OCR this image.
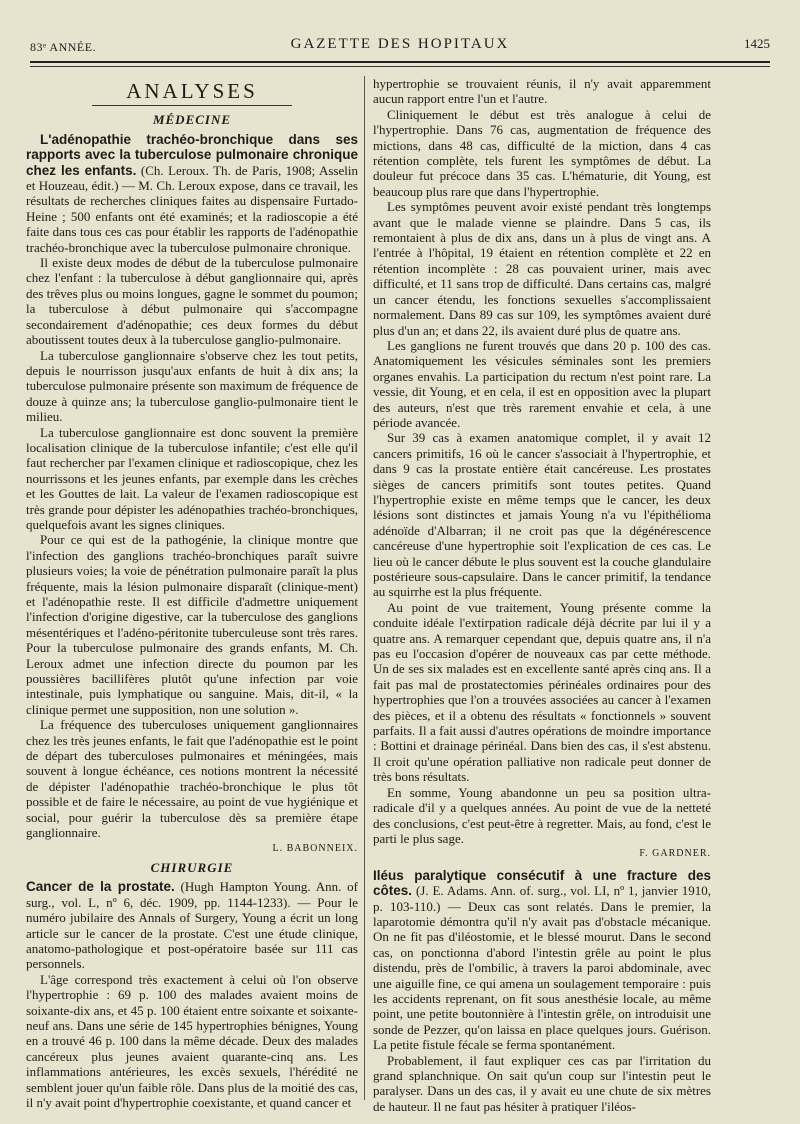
83ᵉ ANNÉE.	GAZETTE DES HOPITAUX	1425
ANALYSES
MÉDECINE

L'adénopathie trachéo-bronchique dans ses rapports avec la tuberculose pulmonaire chronique chez les enfants. (Ch. Leroux. Th. de Paris, 1908; Asselin et Houzeau, édit.) — M. Ch. Leroux expose, dans ce travail, les résultats de recherches cliniques faites au dispensaire Furtado-Heine ; 500 enfants ont été examinés; et la radioscopie a été faite dans tous ces cas pour établir les rapports de l'adénopathie trachéo-bronchique avec la tuberculose pulmonaire chronique.

Il existe deux modes de début de la tuberculose pulmonaire chez l'enfant : la tuberculose à début ganglionnaire qui, après des trêves plus ou moins longues, gagne le sommet du poumon; la tuberculose à début pulmonaire qui s'accompagne secondairement d'adénopathie; ces deux formes du début aboutissent toutes deux à la tuberculose ganglio-pulmonaire.

La tuberculose ganglionnaire s'observe chez les tout petits, depuis le nourrisson jusqu'aux enfants de huit à dix ans; la tuberculose pulmonaire présente son maximum de fréquence de douze à quinze ans; la tuberculose ganglio-pulmonaire tient le milieu.

La tuberculose ganglionnaire est donc souvent la première localisation clinique de la tuberculose infantile; c'est elle qu'il faut rechercher par l'examen clinique et radioscopique, chez les nourrissons et les jeunes enfants, par exemple dans les crèches et les Gouttes de lait. La valeur de l'examen radioscopique est très grande pour dépister les adénopathies trachéo-bronchiques, quelquefois avant les signes cliniques.

Pour ce qui est de la pathogénie, la clinique montre que l'infection des ganglions trachéo-bronchiques paraît suivre plusieurs voies; la voie de pénétration pulmonaire paraît la plus fréquente, mais la lésion pulmonaire disparaît (clinique-ment) et l'adénopathie reste. Il est difficile d'admettre uniquement l'infection d'origine digestive, car la tuberculose des ganglions mésentériques et l'adéno-péritonite tuberculeuse sont très rares. Pour la tuberculose pulmonaire des grands enfants, M. Ch. Leroux admet une infection directe du poumon par les poussières bacillifères plutôt qu'une infection par voie intestinale, puis lymphatique ou sanguine. Mais, dit-il, « la clinique permet une supposition, non une solution ».

La fréquence des tuberculoses uniquement ganglionnaires chez les très jeunes enfants, le fait que l'adénopathie est le point de départ des tuberculoses pulmonaires et méningées, mais souvent à longue échéance, ces notions montrent la nécessité de dépister l'adénopathie trachéo-bronchique le plus tôt possible et de faire le nécessaire, au point de vue hygiénique et social, pour guérir la tuberculose dès sa première étape ganglionnaire.

L. BABONNEIX.
CHIRURGIE

Cancer de la prostate. (Hugh Hampton Young. Ann. of surg., vol. L, nº 6, déc. 1909, pp. 1144-1233). — Pour le numéro jubilaire des Annals of Surgery, Young a écrit un long article sur le cancer de la prostate. C'est une étude clinique, anatomo-pathologique et post-opératoire basée sur 111 cas personnels.

L'âge correspond très exactement à celui où l'on observe l'hypertrophie : 69 p. 100 des malades avaient moins de soixante-dix ans, et 45 p. 100 étaient entre soixante et soixante-neuf ans. Dans une série de 145 hypertrophies bénignes, Young en a trouvé 46 p. 100 dans la même décade. Deux des malades cancéreux plus jeunes avaient quarante-cinq ans. Les inflammations antérieures, les excès sexuels, l'hérédité ne semblent jouer qu'un faible rôle. Dans plus de la moitié des cas, il n'y avait point d'hypertrophie coexistante, et quand cancer et

hypertrophie se trouvaient réunis, il n'y avait apparemment aucun rapport entre l'un et l'autre.

Cliniquement le début est très analogue à celui de l'hypertrophie. Dans 76 cas, augmentation de fréquence des mictions, dans 48 cas, difficulté de la miction, dans 4 cas rétention complète, tels furent les symptômes de début. La douleur fut précoce dans 35 cas. L'hématurie, dit Young, est beaucoup plus rare que dans l'hypertrophie.

Les symptômes peuvent avoir existé pendant très longtemps avant que le malade vienne se plaindre. Dans 5 cas, ils remontaient à plus de dix ans, dans un à plus de vingt ans. A l'entrée à l'hôpital, 19 étaient en rétention complète et 22 en rétention incomplète : 28 cas pouvaient uriner, mais avec difficulté, et 11 sans trop de difficulté. Dans certains cas, malgré un cancer étendu, les fonctions sexuelles s'accomplissaient normalement. Dans 89 cas sur 109, les symptômes avaient duré plus d'un an; et dans 22, ils avaient duré plus de quatre ans.

Les ganglions ne furent trouvés que dans 20 p. 100 des cas. Anatomiquement les vésicules séminales sont les premiers organes envahis. La participation du rectum n'est point rare. La vessie, dit Young, et en cela, il est en opposition avec la plupart des auteurs, n'est que très rarement envahie et cela, à une période avancée.

Sur 39 cas à examen anatomique complet, il y avait 12 cancers primitifs, 16 où le cancer s'associait à l'hypertrophie, et dans 9 cas la prostate entière était cancéreuse. Les prostates sièges de cancers primitifs sont toutes petites. Quand l'hypertrophie existe en même temps que le cancer, les deux lésions sont distinctes et jamais Young n'a vu l'épithélioma adénoïde d'Albarran; il ne croit pas que la dégénérescence cancéreuse d'une hypertrophie soit l'explication de ces cas. Le lieu où le cancer débute le plus souvent est la couche glandulaire postérieure sous-capsulaire. Dans le cancer primitif, la tendance au squirrhe est la plus fréquente.

Au point de vue traitement, Young présente comme la conduite idéale l'extirpation radicale déjà décrite par lui il y a quatre ans. A remarquer cependant que, depuis quatre ans, il n'a pas eu l'occasion d'opérer de nouveaux cas par cette méthode. Un de ses six malades est en excellente santé après cinq ans. Il a fait pas mal de prostatectomies périnéales ordinaires pour des hypertrophies que l'on a trouvées associées au cancer à l'examen des pièces, et il a obtenu des résultats « fonctionnels » souvent parfaits. Il a fait aussi d'autres opérations de moindre importance : Bottini et drainage périnéal. Dans bien des cas, il s'est abstenu. Il croit qu'une opération palliative non radicale peut donner de très bons résultats.

En somme, Young abandonne un peu sa position ultra-radicale d'il y a quelques années. Au point de vue de la netteté des conclusions, c'est peut-être à regretter. Mais, au fond, c'est le parti le plus sage.

F. GARDNER.

Iléus paralytique consécutif à une fracture des côtes. (J. E. Adams. Ann. of. surg., vol. LI, nº 1, janvier 1910, p. 103-110.) — Deux cas sont relatés. Dans le premier, la laparotomie démontra qu'il n'y avait pas d'obstacle mécanique. On ne fit pas d'iléostomie, et le blessé mourut. Dans le second cas, on ponctionna d'abord l'intestin grêle au point le plus distendu, près de l'ombilic, à travers la paroi abdominale, avec une aiguille fine, ce qui amena un soulagement temporaire : puis les accidents reprenant, on fit sous anesthésie locale, au même point, une petite boutonnière à l'intestin grêle, on introduisit une sonde de Pezzer, qu'on laissa en place quelques jours. Guérison. La petite fistule fécale se ferma spontanément.

Probablement, il faut expliquer ces cas par l'irritation du grand splanchnique. On sait qu'un coup sur l'intestin peut le paralyser. Dans un des cas, il y avait eu une chute de six mètres de hauteur. Il ne faut pas hésiter à pratiquer l'iléos-
